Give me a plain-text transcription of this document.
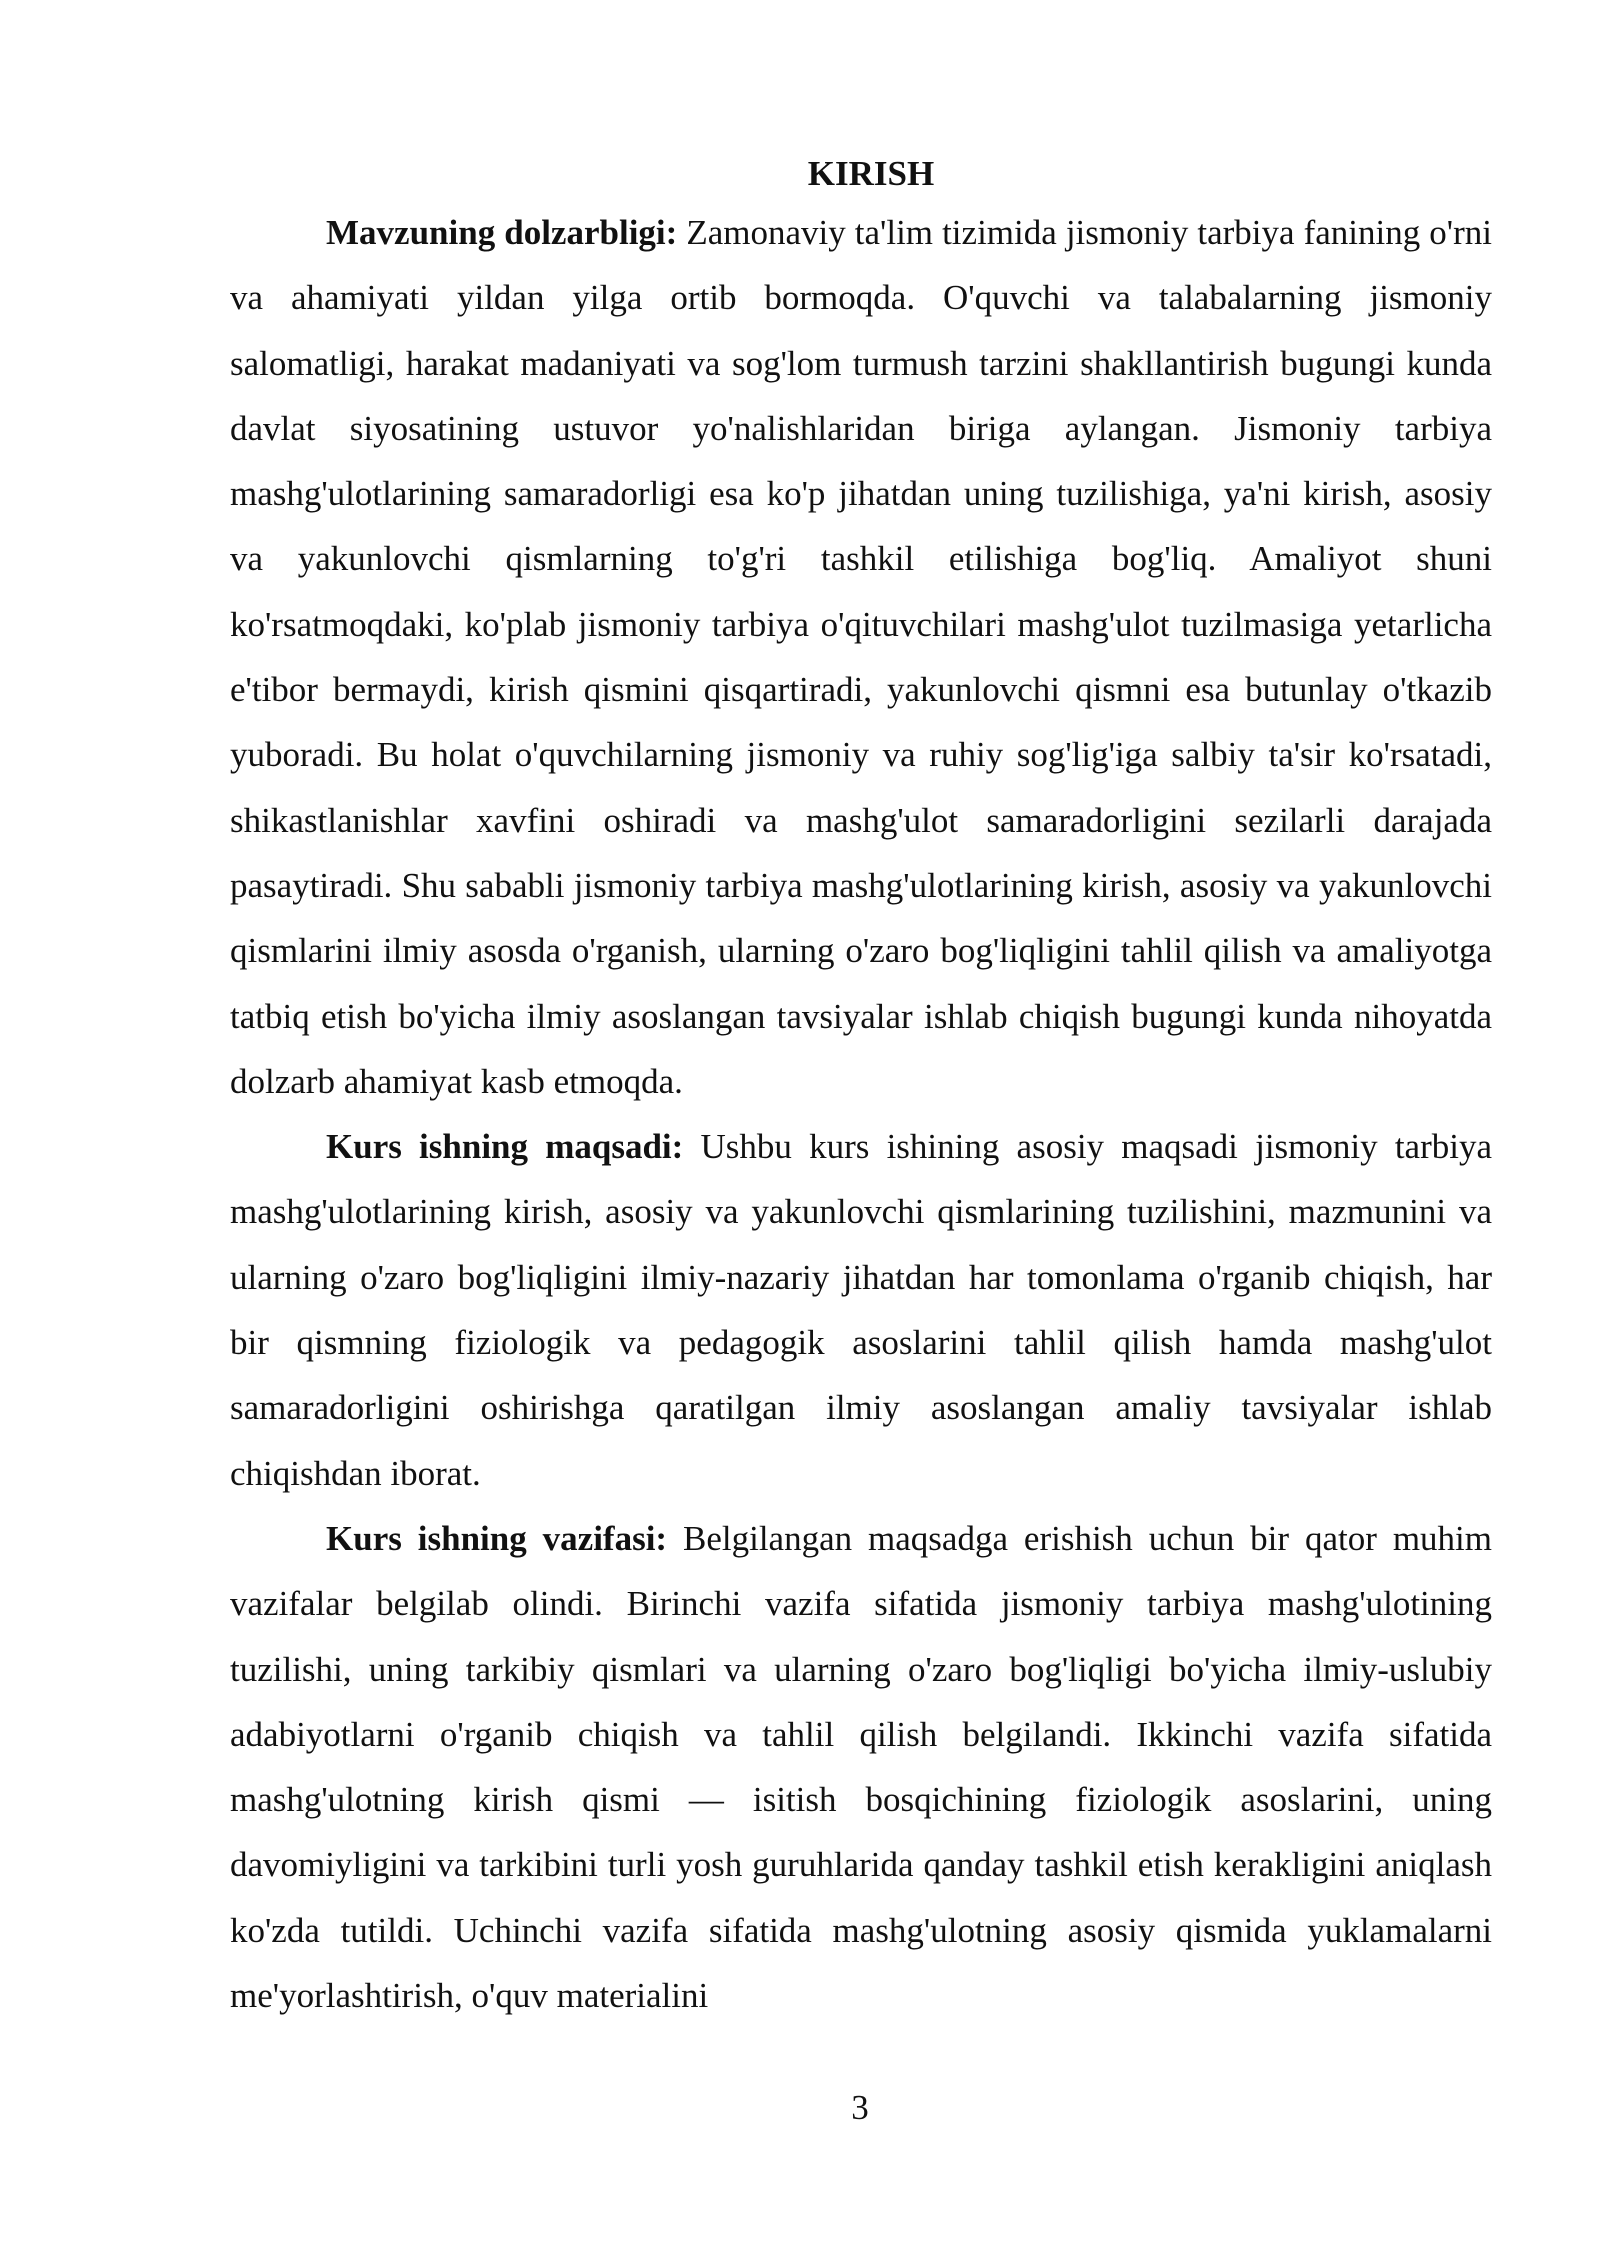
KIRISH

Mavzuning dolzarbligi: Zamonaviy ta'lim tizimida jismoniy tarbiya fanining o'rni va ahamiyati yildan yilga ortib bormoqda. O'quvchi va talabalarning jismoniy salomatligi, harakat madaniyati va sog'lom turmush tarzini shakllantirish bugungi kunda davlat siyosatining ustuvor yo'nalishlaridan biriga aylangan. Jismoniy tarbiya mashg'ulotlarining samaradorligi esa ko'p jihatdan uning tuzilishiga, ya'ni kirish, asosiy va yakunlovchi qismlarning to'g'ri tashkil etilishiga bog'liq. Amaliyot shuni ko'rsatmoqdaki, ko'plab jismoniy tarbiya o'qituvchilari mashg'ulot tuzilmasiga yetarlicha e'tibor bermaydi, kirish qismini qisqartiradi, yakunlovchi qismni esa butunlay o'tkazib yuboradi. Bu holat o'quvchilarning jismoniy va ruhiy sog'lig'iga salbiy ta'sir ko'rsatadi, shikastlanishlar xavfini oshiradi va mashg'ulot samaradorligini sezilarli darajada pasaytiradi. Shu sababli jismoniy tarbiya mashg'ulotlarining kirish, asosiy va yakunlovchi qismlarini ilmiy asosda o'rganish, ularning o'zaro bog'liqligini tahlil qilish va amaliyotga tatbiq etish bo'yicha ilmiy asoslangan tavsiyalar ishlab chiqish bugungi kunda nihoyatda dolzarb ahamiyat kasb etmoqda.

Kurs ishning maqsadi: Ushbu kurs ishining asosiy maqsadi jismoniy tarbiya mashg'ulotlarining kirish, asosiy va yakunlovchi qismlarining tuzilishini, mazmunini va ularning o'zaro bog'liqligini ilmiy-nazariy jihatdan har tomonlama o'rganib chiqish, har bir qismning fiziologik va pedagogik asoslarini tahlil qilish hamda mashg'ulot samaradorligini oshirishga qaratilgan ilmiy asoslangan amaliy tavsiyalar ishlab chiqishdan iborat.

Kurs ishning vazifasi: Belgilangan maqsadga erishish uchun bir qator muhim vazifalar belgilab olindi. Birinchi vazifa sifatida jismoniy tarbiya mashg'ulotining tuzilishi, uning tarkibiy qismlari va ularning o'zaro bog'liqligi bo'yicha ilmiy-uslubiy adabiyotlarni o'rganib chiqish va tahlil qilish belgilandi. Ikkinchi vazifa sifatida mashg'ulotning kirish qismi — isitish bosqichining fiziologik asoslarini, uning davomiyligini va tarkibini turli yosh guruhlarida qanday tashkil etish kerakligini aniqlash ko'zda tutildi. Uchinchi vazifa sifatida mashg'ulotning asosiy qismida yuklamalarni me'yorlashtirish, o'quv materialini

3
